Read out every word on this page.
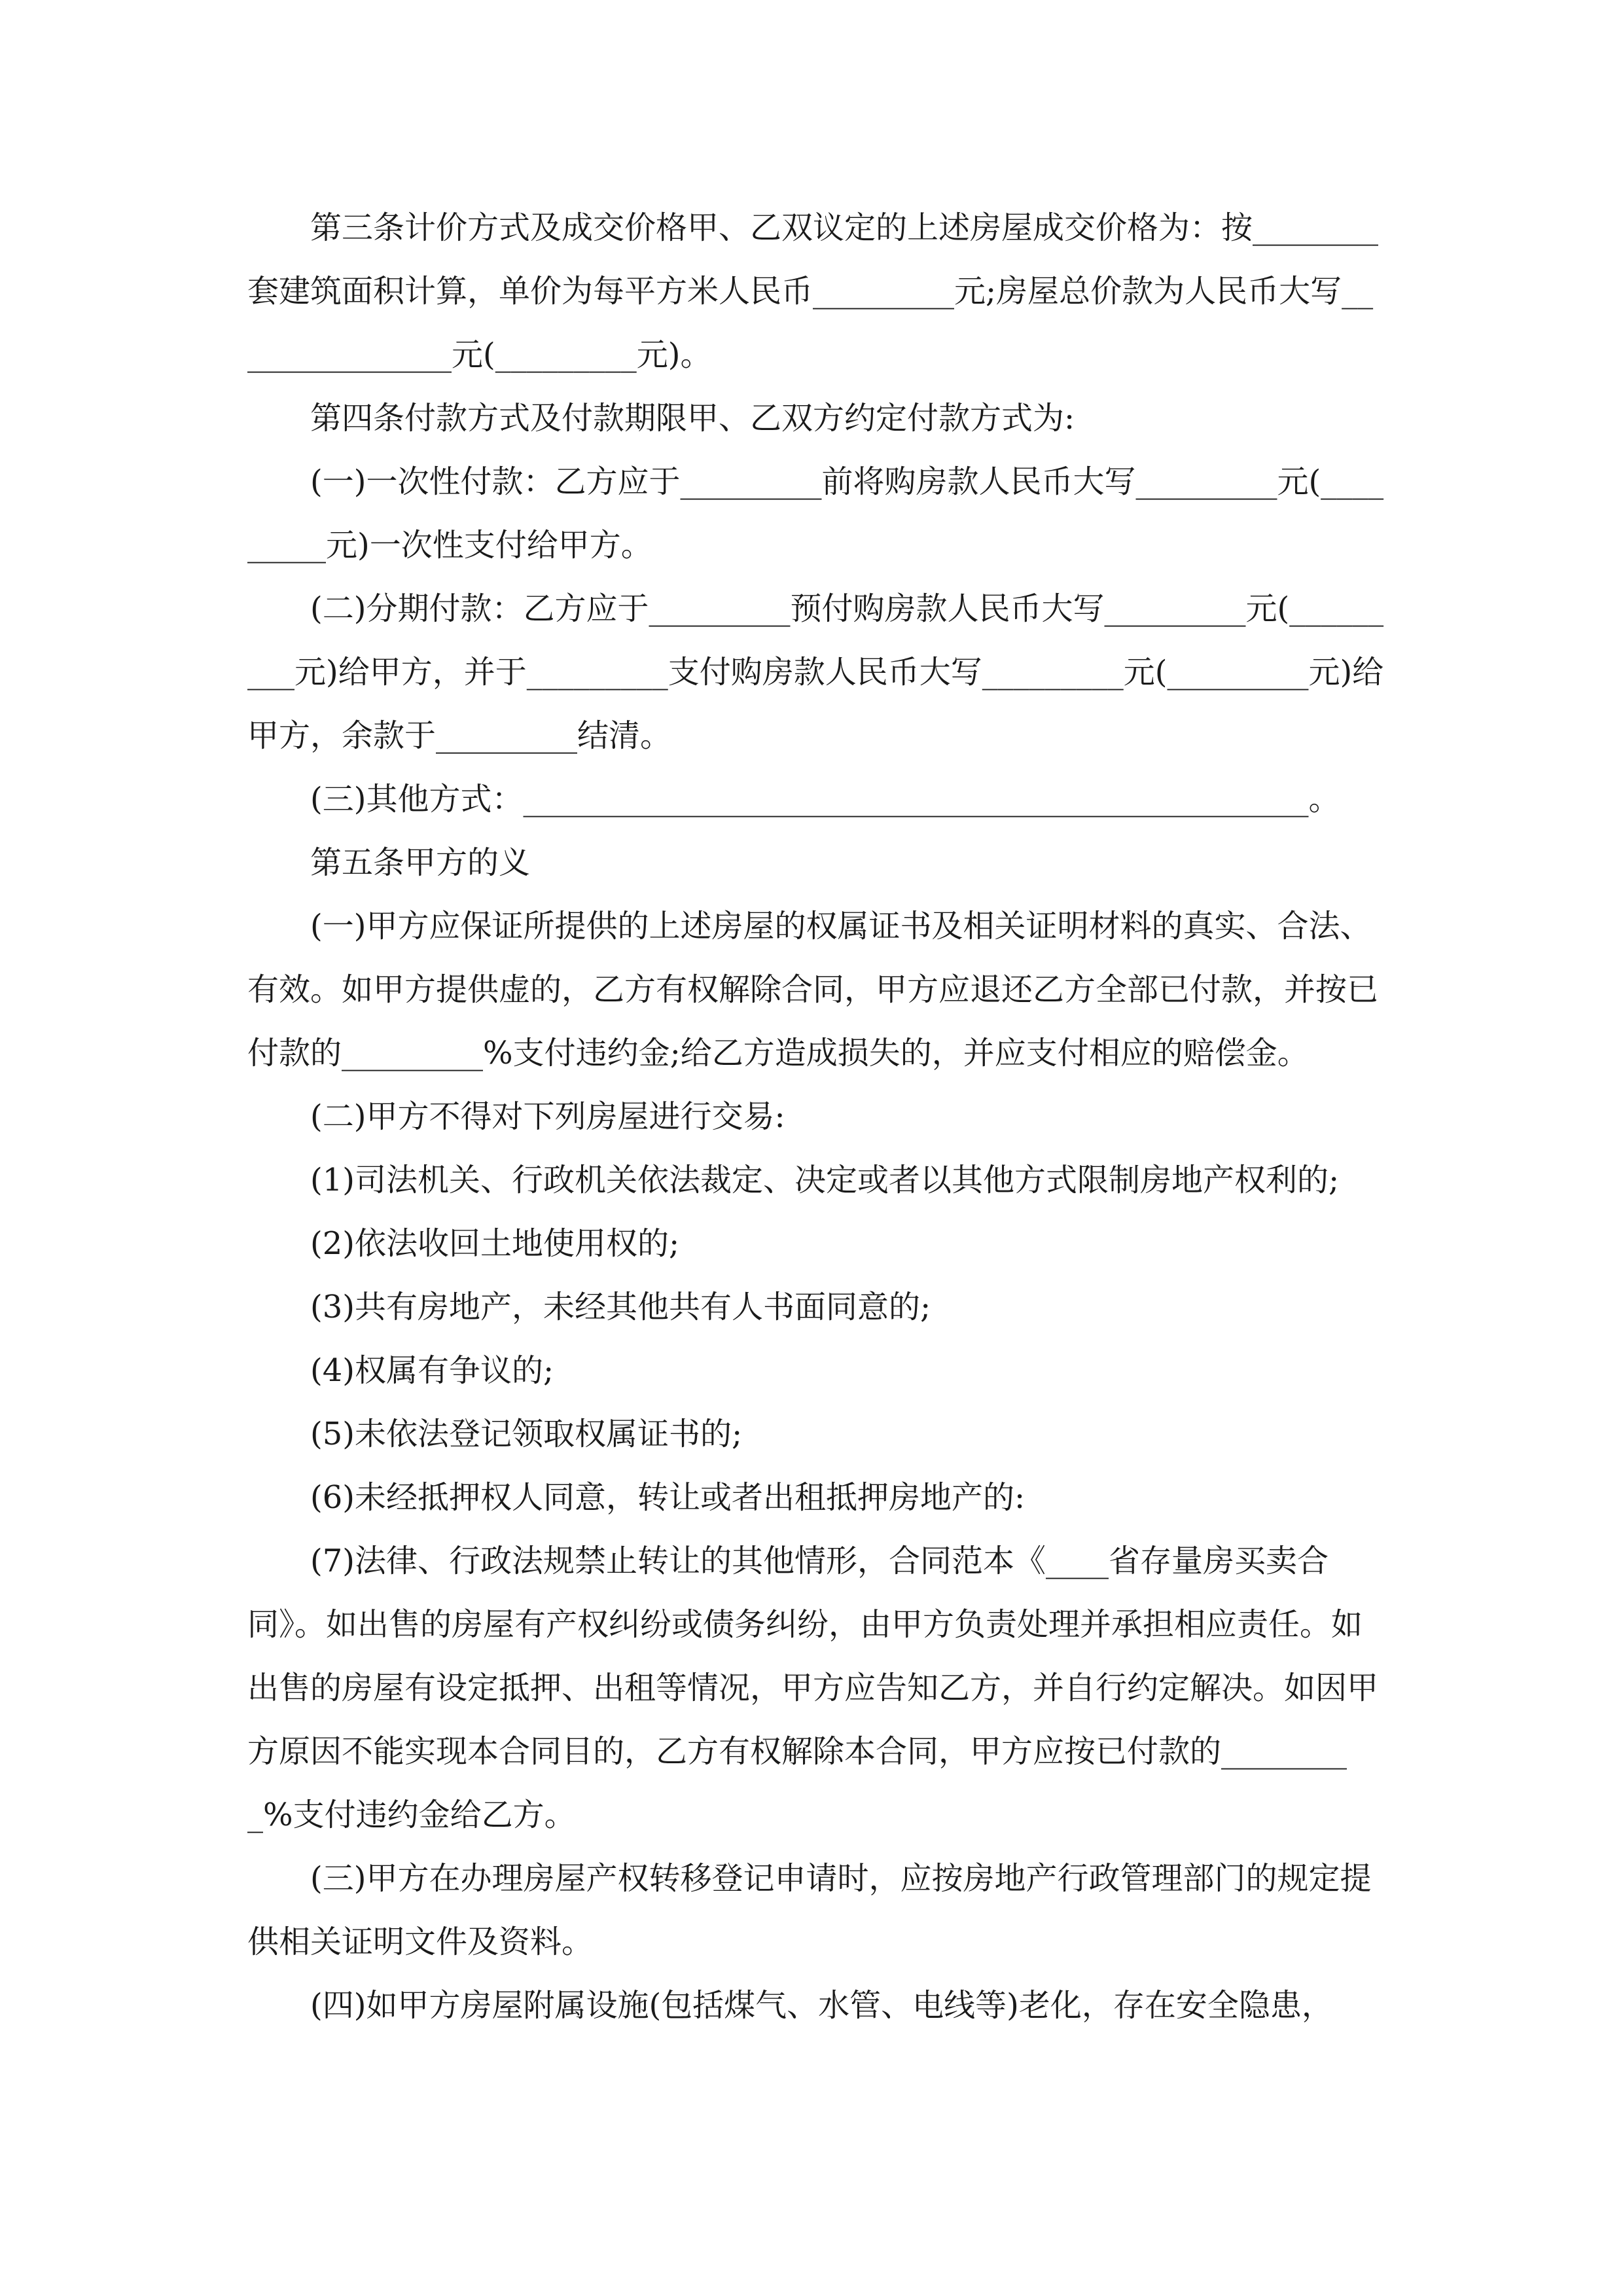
第三条计价方式及成交价格甲、乙双议定的上述房屋成交价格为：按________套建筑面积计算，单价为每平方米人民币_________元;房屋总价款为人民币大写_______________元(_________元)。

第四条付款方式及付款期限甲、乙双方约定付款方式为:

(一)一次性付款：乙方应于_________前将购房款人民币大写_________元(_________元)一次性支付给甲方。

(二)分期付款：乙方应于_________预付购房款人民币大写_________元(_________元)给甲方，并于_________支付购房款人民币大写_________元(_________元)给甲方，余款于_________结清。

(三)其他方式：__________________________________________________。

第五条甲方的义

(一)甲方应保证所提供的上述房屋的权属证书及相关证明材料的真实、合法、有效。如甲方提供虚的，乙方有权解除合同，甲方应退还乙方全部已付款，并按已付款的_________%支付违约金;给乙方造成损失的，并应支付相应的赔偿金。

(二)甲方不得对下列房屋进行交易:

(1)司法机关、行政机关依法裁定、决定或者以其他方式限制房地产权利的;

(2)依法收回土地使用权的;

(3)共有房地产，未经其他共有人书面同意的;

(4)权属有争议的;

(5)未依法登记领取权属证书的;

(6)未经抵押权人同意，转让或者出租抵押房地产的:

(7)法律、行政法规禁止转让的其他情形，合同范本《____省存量房买卖合同》。如出售的房屋有产权纠纷或债务纠纷，由甲方负责处理并承担相应责任。如出售的房屋有设定抵押、出租等情况，甲方应告知乙方，并自行约定解决。如因甲方原因不能实现本合同目的，乙方有权解除本合同，甲方应按已付款的_________%支付违约金给乙方。

(三)甲方在办理房屋产权转移登记申请时，应按房地产行政管理部门的规定提供相关证明文件及资料。

(四)如甲方房屋附属设施(包括煤气、水管、电线等)老化，存在安全隐患，
